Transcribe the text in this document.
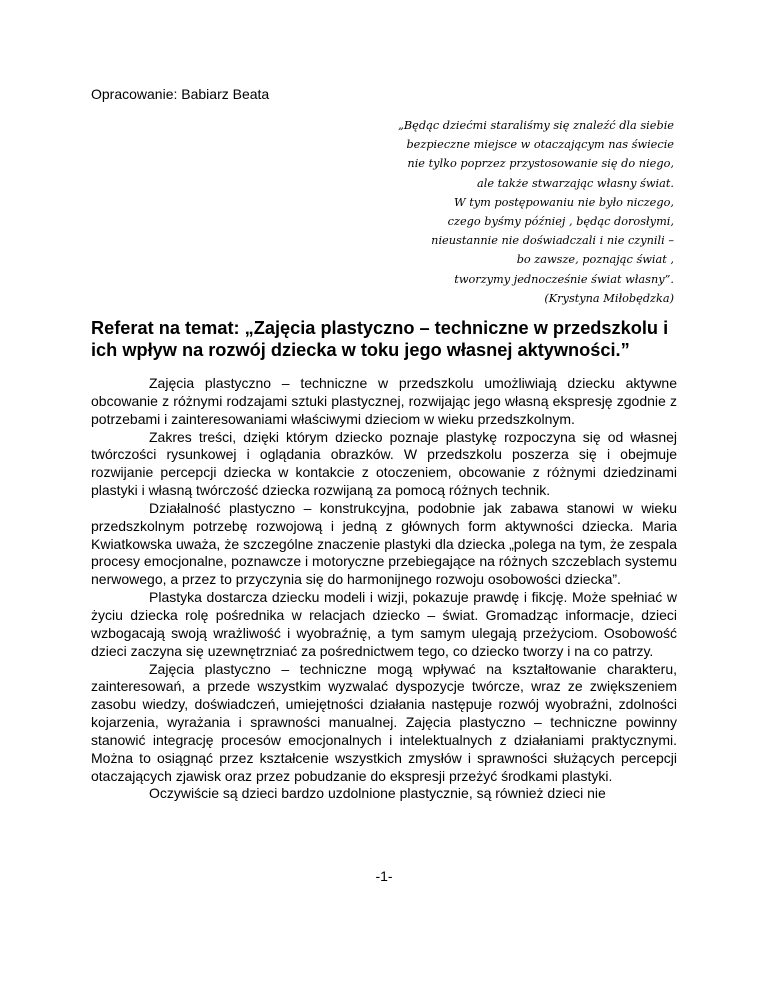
Opracowanie: Babiarz Beata
„Będąc dziećmi staraliśmy się znaleźć dla siebie
bezpieczne miejsce w otaczającym nas świecie
nie tylko poprzez przystosowanie się do niego,
ale także stwarzając własny świat.
W tym postępowaniu nie było niczego,
czego byśmy później , będąc dorosłymi,
nieustannie nie doświadczali i nie czynili –
bo zawsze, poznając świat ,
tworzymy jednocześnie świat własny”.
(Krystyna Miłobędzka)
Referat na temat: „Zajęcia plastyczno – techniczne w przedszkolu i
ich wpływ na rozwój dziecka w toku jego własnej aktywności.”

Zajęcia plastyczno – techniczne w przedszkolu umożliwiają dziecku aktywne obcowanie z różnymi rodzajami sztuki plastycznej, rozwijając jego własną ekspresję zgodnie z potrzebami i zainteresowaniami właściwymi dzieciom w wieku przedszkolnym.

Zakres treści, dzięki którym dziecko poznaje plastykę rozpoczyna się od własnej twórczości rysunkowej i oglądania obrazków. W przedszkolu poszerza się i obejmuje rozwijanie percepcji dziecka w kontakcie z otoczeniem, obcowanie z różnymi dziedzinami plastyki i własną twórczość dziecka rozwijaną za pomocą różnych technik.

Działalność plastyczno – konstrukcyjna, podobnie jak zabawa stanowi w wieku przedszkolnym potrzebę rozwojową i jedną z głównych form aktywności dziecka. Maria Kwiatkowska uważa, że szczególne znaczenie plastyki dla dziecka „polega na tym, że zespala procesy emocjonalne, poznawcze i motoryczne przebiegające na różnych szczeblach systemu nerwowego, a przez to przyczynia się do harmonijnego rozwoju osobowości dziecka”.

Plastyka dostarcza dziecku modeli i wizji, pokazuje prawdę i fikcję. Może spełniać w życiu dziecka rolę pośrednika w relacjach dziecko – świat. Gromadząc informacje, dzieci wzbogacają swoją wrażliwość i wyobraźnię, a tym samym ulegają przeżyciom. Osobowość dzieci zaczyna się uzewnętrzniać za pośrednictwem tego, co dziecko tworzy i na co patrzy.

Zajęcia plastyczno – techniczne mogą wpływać na kształtowanie charakteru, zainteresowań, a przede wszystkim wyzwalać dyspozycje twórcze, wraz ze zwiększeniem zasobu wiedzy, doświadczeń, umiejętności działania następuje rozwój wyobraźni, zdolności kojarzenia, wyrażania i sprawności manualnej. Zajęcia plastyczno – techniczne powinny stanowić integrację procesów emocjonalnych i intelektualnych z działaniami praktycznymi. Można to osiągnąć przez kształcenie wszystkich zmysłów i sprawności służących percepcji otaczających zjawisk oraz przez pobudzanie do ekspresji przeżyć środkami plastyki.

Oczywiście są dzieci bardzo uzdolnione plastycznie, są również dzieci nie

-1-
